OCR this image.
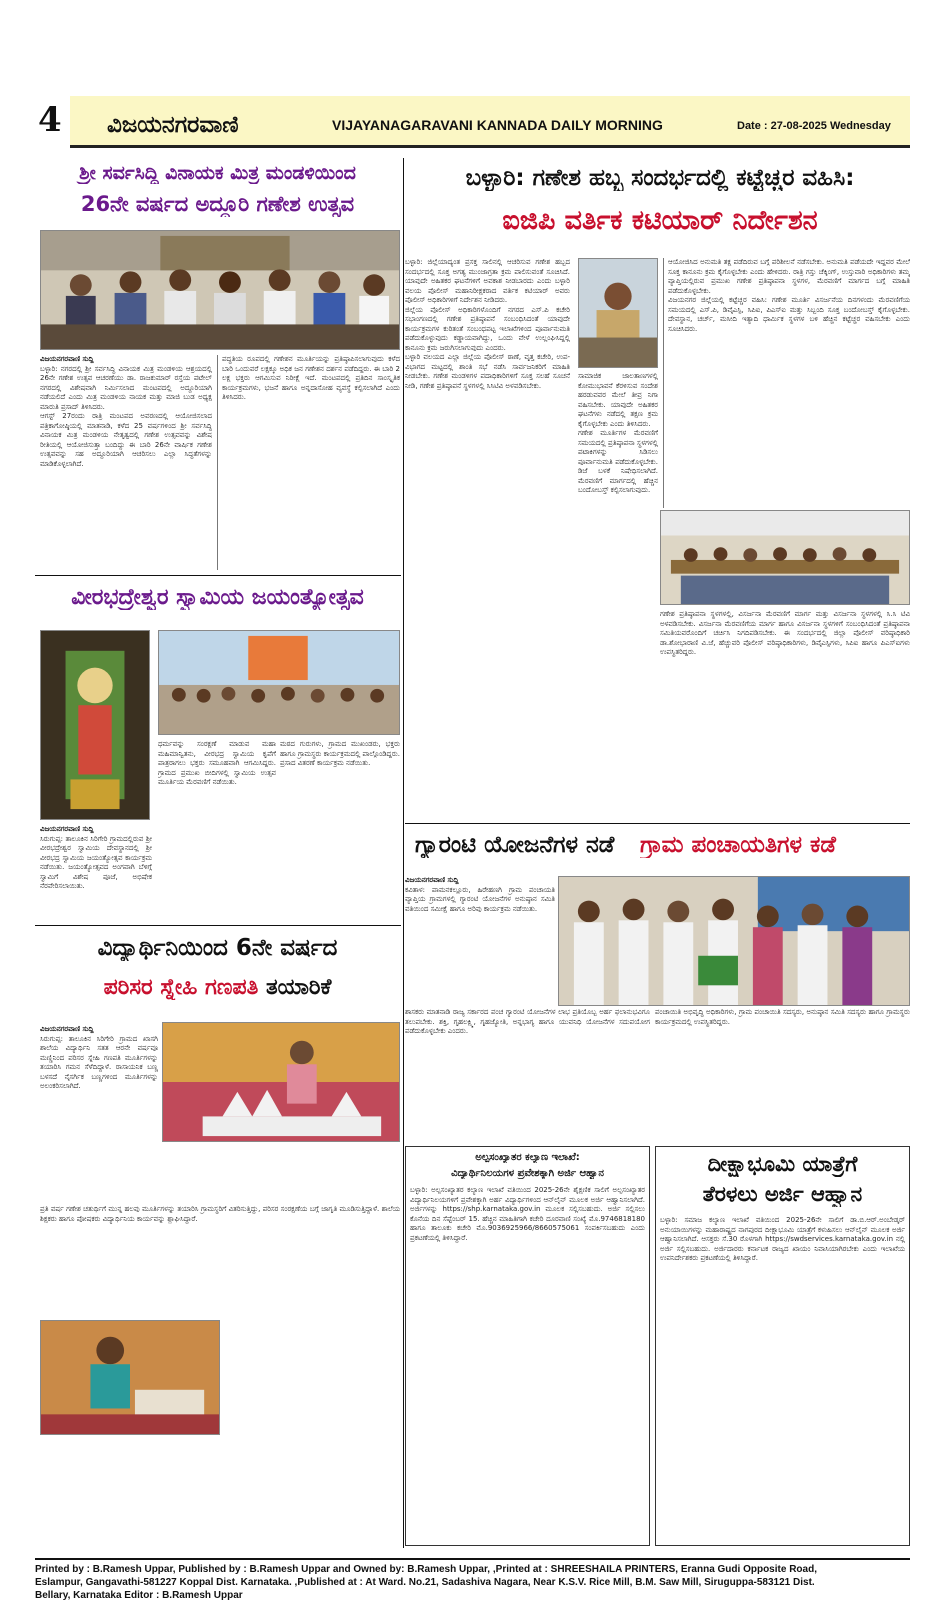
4 ವಿಜಯನಗರವಾಣಿ	VIJAYANAGARAVANI KANNADA DAILY MORNING	Date : 27-08-2025 Wednesday
ಶ್ರೀ ಸರ್ವಸಿದ್ಧಿ ವಿನಾಯಕ ಮಿತ್ರ ಮಂಡಳಿಯಿಂದ
26ನೇ ವರ್ಷದ ಅದ್ದೂರಿ ಗಣೇಶ ಉತ್ಸವ
ವಿಜಯನಗರವಾಣಿ ಸುದ್ದಿ
ಬಳ್ಳಾರಿ: ನಗರದಲ್ಲಿ ಶ್ರೀ ಸರ್ವಸಿದ್ಧಿ ವಿನಾಯಕ ಮಿತ್ರ ಮಂಡಳಿಯ ಆಶ್ರಯದಲ್ಲಿ 26ನೇ ಗಣೇಶ ಉತ್ಸವ ಆಚರಣೆಯು ಡಾ. ರಾಜಕುಮಾರ್ ರಸ್ತೆಯ ಪಟೇಲ್ ನಗರದಲ್ಲಿ ವಿಶೇಷವಾಗಿ ನಿರ್ಮಿಸಲಾದ ಮಂಟಪದಲ್ಲಿ ಅದ್ದೂರಿಯಾಗಿ ನಡೆಯಲಿದೆ ಎಂದು ಮಿತ್ರ ಮಂಡಳಿಯ ನಾಯಕ ಮತ್ತು ಮಾಜಿ ಬುಡ ಅಧ್ಯಕ್ಷ ಮಾರುತಿ ಪ್ರಸಾದ್ ತಿಳಿಸಿದರು.
ಆಗಸ್ಟ್ 27ರಂದು ರಾತ್ರಿ ಮಂಟಪದ ಅವರಣದಲ್ಲಿ ಆಯೋಜಿಸಲಾದ ಪತ್ರಿಕಾಗೋಷ್ಠಿಯಲ್ಲಿ ಮಾತನಾಡಿ, ಕಳೆದ 25 ವರ್ಷಗಳಿಂದ ಶ್ರೀ ಸರ್ವಸಿದ್ಧಿ ವಿನಾಯಕ ಮಿತ್ರ ಮಂಡಳಿಯ ನೇತೃತ್ವದಲ್ಲಿ ಗಣೇಶ ಉತ್ಸವವನ್ನು ವಿಶೇಷ ರೀತಿಯಲ್ಲಿ ಆಯೋಜಿಸುತ್ತಾ ಬಂದಿದ್ದು ಈ ಬಾರಿ 26ನೇ ವಾರ್ಷಿಕ ಗಣೇಶ ಉತ್ಸವವನ್ನು ಸಹ ಅದ್ದೂರಿಯಾಗಿ ಆಚರಿಸಲು ಎಲ್ಲಾ ಸಿದ್ಧತೆಗಳನ್ನು ಮಾಡಿಕೊಳ್ಳಲಾಗಿದೆ.
ಪದ್ಧತಿಯ ರೂಪದಲ್ಲಿ ಗಣೇಶನ ಮೂರ್ತಿಯನ್ನು ಪ್ರತಿಷ್ಠಾಪಿಸಲಾಗುವುದು ಕಳೆದ ಬಾರಿ ಒಂದುವರೆ ಲಕ್ಷಕ್ಕೂ ಅಧಿಕ ಜನ ಗಣೇಶನ ದರ್ಶನ ಪಡೆದಿದ್ದರು. ಈ ಬಾರಿ 2 ಲಕ್ಷ ಭಕ್ತರು ಆಗಮಿಸುವ ನಿರೀಕ್ಷೆ ಇದೆ. ಮಂಟಪದಲ್ಲಿ ಪ್ರತಿದಿನ ಸಾಂಸ್ಕೃತಿಕ ಕಾರ್ಯಕ್ರಮಗಳು, ಭಜನೆ ಹಾಗೂ ಅನ್ನದಾಸೋಹ ವ್ಯವಸ್ಥೆ ಕಲ್ಪಿಸಲಾಗಿದೆ ಎಂದು ತಿಳಿಸಿದರು.
ಬಳ್ಳಾರಿ: ಗಣೇಶ ಹಬ್ಬ ಸಂದರ್ಭದಲ್ಲಿ ಕಟ್ಟೆಚ್ಚರ ವಹಿಸಿ:
ಐಜಿಪಿ ವರ್ತಿಕ ಕಟಿಯಾರ್ ನಿರ್ದೇಶನ
ಬಳ್ಳಾರಿ: ಜಿಲ್ಲೆಯಾದ್ಯಂತ ಪ್ರಸಕ್ತ ಸಾಲಿನಲ್ಲಿ ಆಚರಿಸುವ ಗಣೇಶ ಹಬ್ಬದ ಸಂದರ್ಭದಲ್ಲಿ ಸೂಕ್ತ ಅಗತ್ಯ ಮುಂಜಾಗ್ರತಾ ಕ್ರಮ ಪಾಲಿಸುವಂತೆ ಸೂಚಿಸಿದೆ. ಯಾವುದೇ ಅಹಿತಕರ ಘಟನೆಗಳಿಗೆ ಅವಕಾಶ ನೀಡಬಾರದು ಎಂದು ಬಳ್ಳಾರಿ ವಲಯ ಪೊಲೀಸ್ ಮಹಾನಿರೀಕ್ಷಕರಾದ ವರ್ತಿಕ ಕಟಿಯಾರ್ ಅವರು ಪೊಲೀಸ್ ಅಧಿಕಾರಿಗಳಿಗೆ ನಿರ್ದೇಶನ ನೀಡಿದರು.
ಜಿಲ್ಲೆಯ ಪೊಲೀಸ್ ಅಧಿಕಾರಿಗಳೊಂದಿಗೆ ನಗರದ ಎಸ್.ಪಿ ಕಚೇರಿ ಸಭಾಂಗಣದಲ್ಲಿ ಗಣೇಶ ಪ್ರತಿಷ್ಠಾಪನೆ ಸಂಬಂಧಿಸಿದಂತೆ ಯಾವುದೇ ಕಾರ್ಯಕ್ರಮಗಳ ಕುರಿತಂತೆ ಸಂಬಂಧಪಟ್ಟ ಇಲಾಖೆಗಳಿಂದ ಪೂರ್ವಾನುಮತಿ ಪಡೆದುಕೊಳ್ಳುವುದು ಕಡ್ಡಾಯವಾಗಿದ್ದು, ಒಂದು ವೇಳೆ ಉಲ್ಲಂಘಿಸಿದ್ದಲ್ಲಿ ಕಾನೂನು ಕ್ರಮ ಜರುಗಿಸಲಾಗುವುದು ಎಂದರು.
ಬಳ್ಳಾರಿ ವಲಯದ ಎಲ್ಲಾ ಜಿಲ್ಲೆಯ ಪೊಲೀಸ್ ಠಾಣೆ, ವೃತ್ತ ಕಚೇರಿ, ಉಪ-ವಿಭಾಗದ ಮಟ್ಟದಲ್ಲಿ ಶಾಂತಿ ಸಭೆ ನಡೆಸಿ ಸಾರ್ವಜನಿಕರಿಗೆ ಮಾಹಿತಿ ನೀಡಬೇಕು. ಗಣೇಶ ಮಂಡಳಿಗಳ ಪದಾಧಿಕಾರಿಗಳಿಗೆ ಸೂಕ್ತ ಸಲಹೆ ಸೂಚನೆ ನೀಡಿ, ಗಣೇಶ ಪ್ರತಿಷ್ಠಾಪನೆ ಸ್ಥಳಗಳಲ್ಲಿ ಸಿಸಿಟಿವಿ ಅಳವಡಿಸಬೇಕು.
ಸಾಮಾಜಿಕ ಜಾಲತಾಣಗಳಲ್ಲಿ ಕೋಮುಭಾವನೆ ಕೆರಳಿಸುವ ಸಂದೇಶ ಹರಡುವವರ ಮೇಲೆ ತೀವ್ರ ನಿಗಾ ವಹಿಸಬೇಕು. ಯಾವುದೇ ಅಹಿತಕರ ಘಟನೆಗಳು ನಡೆದಲ್ಲಿ ತಕ್ಷಣ ಕ್ರಮ ಕೈಗೊಳ್ಳಬೇಕು ಎಂದು ತಿಳಿಸಿದರು.
ಗಣೇಶ ಮೂರ್ತಿಗಳ ಮೆರವಣಿಗೆ ಸಮಯದಲ್ಲಿ ಪ್ರತಿಷ್ಠಾಪನಾ ಸ್ಥಳಗಳಲ್ಲಿ ಪಟಾಕಿಗಳನ್ನು ಸಿಡಿಸಲು ಪೂರ್ವಾನುಮತಿ ಪಡೆದುಕೊಳ್ಳಬೇಕು. ಡಿಜೆ ಬಳಕೆ ನಿಷೇಧಿಸಲಾಗಿದೆ. ಮೆರವಣಿಗೆ ಮಾರ್ಗದಲ್ಲಿ ಹೆಚ್ಚಿನ ಬಂದೋಬಸ್ತ್ ಕಲ್ಪಿಸಲಾಗುವುದು.
ಆಯೋಜಿಸಿದ ಅನುಮತಿ ತಕ್ಷ ಪಡೆದಿರುವ ಬಗ್ಗೆ ಪರಿಶೀಲನೆ ನಡೆಸಬೇಕು. ಅನುಮತಿ ಪಡೆಯದೇ ಇದ್ದವರ ಮೇಲೆ ಸೂಕ್ತ ಕಾನೂನು ಕ್ರಮ ಕೈಗೊಳ್ಳಬೇಕು ಎಂದು ಹೇಳಿದರು. ರಾತ್ರಿ ಗಸ್ತು ಚೆಕ್ಕಿಂಗ್, ಉಸ್ತುವಾರಿ ಅಧಿಕಾರಿಗಳು ತಮ್ಮ ವ್ಯಾಪ್ತಿಯಲ್ಲಿರುವ ಪ್ರಮುಖ ಗಣೇಶ ಪ್ರತಿಷ್ಠಾಪನಾ ಸ್ಥಳಗಳ, ಮೆರವಣಿಗೆ ಮಾರ್ಗದ ಬಗ್ಗೆ ಮಾಹಿತಿ ಪಡೆದುಕೊಳ್ಳಬೇಕು.
ವಿಜಯನಗರ ಜಿಲ್ಲೆಯಲ್ಲಿ ಕಟ್ಟೆಚ್ಚರ ವಹಿಸಿ: ಗಣೇಶ ಮೂರ್ತಿ ವಿಸರ್ಜನೆಯ ದಿನಗಳಂದು ಮೆರವಣಿಗೆಯ ಸಮಯದಲ್ಲಿ ಎಸ್.ಪಿ, ಡಿವೈಎಸ್ಪಿ, ಸಿಪಿಐ, ಪಿಎಸ್ಐ ಮತ್ತು ಸಿಬ್ಬಂದಿ ಸೂಕ್ತ ಬಂದೋಬಸ್ತ್ ಕೈಗೊಳ್ಳಬೇಕು. ದೇವಸ್ಥಾನ, ಚರ್ಚ್, ಮಸೀದಿ ಇತ್ಯಾದಿ ಧಾರ್ಮಿಕ ಸ್ಥಳಗಳ ಬಳಿ ಹೆಚ್ಚಿನ ಕಟ್ಟೆಚ್ಚರ ವಹಿಸಬೇಕು ಎಂದು ಸೂಚಿಸಿದರು.
ಗಣೇಶ ಪ್ರತಿಷ್ಠಾಪನಾ ಸ್ಥಳಗಳಲ್ಲಿ, ವಿಸರ್ಜನಾ ಮೆರವಣಿಗೆ ಮಾರ್ಗ ಮತ್ತು ವಿಸರ್ಜನಾ ಸ್ಥಳಗಳಲ್ಲಿ ಸಿ.ಸಿ ಟಿವಿ ಅಳವಡಿಸಬೇಕು. ವಿಸರ್ಜನಾ ಮೆರವಣಿಗೆಯ ಮಾರ್ಗ ಹಾಗೂ ವಿಸರ್ಜನಾ ಸ್ಥಳಗಳಿಗೆ ಸಂಬಂಧಿಸಿದಂತೆ ಪ್ರತಿಷ್ಠಾಪನಾ ಸಮಿತಿಯವರೊಂದಿಗೆ ಚರ್ಚಿಸಿ ನಿಗದಿಪಡಿಸಬೇಕು. ಈ ಸಂದರ್ಭದಲ್ಲಿ ಜಿಲ್ಲಾ ಪೊಲೀಸ್ ವರಿಷ್ಠಾಧಿಕಾರಿ ಡಾ.ಶೋಭಾರಾಣಿ ವಿ.ಜೆ, ಹೆಚ್ಚುವರಿ ಪೊಲೀಸ್ ವರಿಷ್ಠಾಧಿಕಾರಿಗಳು, ಡಿವೈಎಸ್ಪಿಗಳು, ಸಿಪಿಐ ಹಾಗೂ ಪಿಎಸ್ಐಗಳು ಉಪಸ್ಥಿತರಿದ್ದರು.
ವೀರಭದ್ರೇಶ್ವರ ಸ್ವಾಮಿಯ ಜಯಂತ್ಯೋತ್ಸವ
ಧರ್ಮವನ್ನು ಸಂರಕ್ಷಣೆ ಮಾಡುವ ಮಹಾ ಮಹಿಮಾನ್ವಿತನು, ವೀರಭದ್ರ ಸ್ವಾಮಿಯ ಕೃಪೆಗೆ ಪಾತ್ರರಾಗಲು ಭಕ್ತರು ಸಮೂಹವಾಗಿ ಆಗಮಿಸಿದ್ದರು. ಗ್ರಾಮದ ಪ್ರಮುಖ ಬೀದಿಗಳಲ್ಲಿ ಸ್ವಾಮಿಯ ಉತ್ಸವ ಮೂರ್ತಿಯ ಮೆರವಣಿಗೆ ನಡೆಯಿತು.
ಮಠದ ಗುರುಗಳು, ಗ್ರಾಮದ ಮುಖಂಡರು, ಭಕ್ತರು ಹಾಗೂ ಗ್ರಾಮಸ್ಥರು ಕಾರ್ಯಕ್ರಮದಲ್ಲಿ ಪಾಲ್ಗೊಂಡಿದ್ದರು. ಪ್ರಸಾದ ವಿತರಣೆ ಕಾರ್ಯಕ್ರಮ ನಡೆಯಿತು.
ವಿಜಯನಗರವಾಣಿ ಸುದ್ದಿ
ಸಿರುಗುಪ್ಪ: ತಾಲೂಕಿನ ಸಿರಿಗೇರಿ ಗ್ರಾಮದಲ್ಲಿರುವ ಶ್ರೀ ವೀರಭದ್ರೇಶ್ವರ ಸ್ವಾಮಿಯ ದೇವಸ್ಥಾನದಲ್ಲಿ ಶ್ರೀ ವೀರಭದ್ರ ಸ್ವಾಮಿಯ ಜಯಂತ್ಯೋತ್ಸವ ಕಾರ್ಯಕ್ರಮ ನಡೆಯಿತು. ಜಯಂತ್ಯೋತ್ಸವದ ಅಂಗವಾಗಿ ಬೆಳಿಗ್ಗೆ ಸ್ವಾಮಿಗೆ ವಿಶೇಷ ಪೂಜೆ, ಅಭಿಷೇಕ ನೆರವೇರಿಸಲಾಯಿತು.
ಗ್ಯಾರಂಟಿ ಯೋಜನೆಗಳ ನಡೆ	ಗ್ರಾಮ ಪಂಚಾಯತಿಗಳ ಕಡೆ
ವಿಜಯನಗರವಾಣಿ ಸುದ್ದಿ
ಕವಿತಾಳ: ಪಾಮನಕಲ್ಲೂರು, ಹಿರೇಹಣಗಿ ಗ್ರಾಮ ಪಂಚಾಯತಿ ವ್ಯಾಪ್ತಿಯ ಗ್ರಾಮಗಳಲ್ಲಿ ಗ್ಯಾರಂಟಿ ಯೋಜನೆಗಳ ಅನುಷ್ಠಾನ ಸಮಿತಿ ವತಿಯಿಂದ ಸಮೀಕ್ಷೆ ಹಾಗೂ ಅರಿವು ಕಾರ್ಯಕ್ರಮ ನಡೆಯಿತು.
ಶಾಸಕರು ಮಾತನಾಡಿ ರಾಜ್ಯ ಸರ್ಕಾರದ ಪಂಚ ಗ್ಯಾರಂಟಿ ಯೋಜನೆಗಳ ಲಾಭ ಪ್ರತಿಯೊಬ್ಬ ಅರ್ಹ ಫಲಾನುಭವಿಗೂ ತಲುಪಬೇಕು. ಶಕ್ತಿ, ಗೃಹಲಕ್ಷ್ಮಿ, ಗೃಹಜ್ಯೋತಿ, ಅನ್ನಭಾಗ್ಯ ಹಾಗೂ ಯುವನಿಧಿ ಯೋಜನೆಗಳ ಸದುಪಯೋಗ ಪಡೆದುಕೊಳ್ಳಬೇಕು ಎಂದರು.
ಪಂಚಾಯಿತಿ ಅಭಿವೃದ್ಧಿ ಅಧಿಕಾರಿಗಳು, ಗ್ರಾಮ ಪಂಚಾಯಿತಿ ಸದಸ್ಯರು, ಅನುಷ್ಠಾನ ಸಮಿತಿ ಸದಸ್ಯರು ಹಾಗೂ ಗ್ರಾಮಸ್ಥರು ಕಾರ್ಯಕ್ರಮದಲ್ಲಿ ಉಪಸ್ಥಿತರಿದ್ದರು.
ವಿದ್ಯಾರ್ಥಿನಿಯಿಂದ 6ನೇ ವರ್ಷದ
ಪರಿಸರ ಸ್ನೇಹಿ ಗಣಪತಿ ತಯಾರಿಕೆ
ವಿಜಯನಗರವಾಣಿ ಸುದ್ದಿ
ಸಿರುಗುಪ್ಪ: ತಾಲೂಕಿನ ಸಿರಿಗೇರಿ ಗ್ರಾಮದ ಖಾಸಗಿ ಶಾಲೆಯ ವಿದ್ಯಾರ್ಥಿನಿ ಸತತ ಆರನೇ ವರ್ಷವೂ ಮಣ್ಣಿನಿಂದ ಪರಿಸರ ಸ್ನೇಹಿ ಗಣಪತಿ ಮೂರ್ತಿಗಳನ್ನು ತಯಾರಿಸಿ ಗಮನ ಸೆಳೆದಿದ್ದಾಳೆ. ರಾಸಾಯನಿಕ ಬಣ್ಣ ಬಳಸದೆ ನೈಸರ್ಗಿಕ ಬಣ್ಣಗಳಿಂದ ಮೂರ್ತಿಗಳನ್ನು ಅಲಂಕರಿಸಲಾಗಿದೆ.
ಪ್ರತಿ ವರ್ಷ ಗಣೇಶ ಚತುರ್ಥಿಗೆ ಮುನ್ನ ಹಲವು ಮೂರ್ತಿಗಳನ್ನು ತಯಾರಿಸಿ ಗ್ರಾಮಸ್ಥರಿಗೆ ವಿತರಿಸುತ್ತಿದ್ದು, ಪರಿಸರ ಸಂರಕ್ಷಣೆಯ ಬಗ್ಗೆ ಜಾಗೃತಿ ಮೂಡಿಸುತ್ತಿದ್ದಾಳೆ. ಶಾಲೆಯ ಶಿಕ್ಷಕರು ಹಾಗೂ ಪೋಷಕರು ವಿದ್ಯಾರ್ಥಿನಿಯ ಕಾರ್ಯವನ್ನು ಶ್ಲಾಘಿಸಿದ್ದಾರೆ.
ಅಲ್ಪಸಂಖ್ಯಾತರ ಕಲ್ಯಾಣ ಇಲಾಖೆ:
ವಿದ್ಯಾರ್ಥಿನಿಲಯಗಳ ಪ್ರವೇಶಕ್ಕಾಗಿ ಅರ್ಜಿ ಆಹ್ವಾನ
ಬಳ್ಳಾರಿ: ಅಲ್ಪಸಂಖ್ಯಾತರ ಕಲ್ಯಾಣ ಇಲಾಖೆ ವತಿಯಿಂದ 2025-26ನೇ ಶೈಕ್ಷಣಿಕ ಸಾಲಿಗೆ ಅಲ್ಪಸಂಖ್ಯಾತರ ವಿದ್ಯಾರ್ಥಿನಿಲಯಗಳಿಗೆ ಪ್ರವೇಶಕ್ಕಾಗಿ ಅರ್ಹ ವಿದ್ಯಾರ್ಥಿಗಳಿಂದ ಆನ್‌ಲೈನ್ ಮೂಲಕ ಅರ್ಜಿ ಆಹ್ವಾನಿಸಲಾಗಿದೆ. ಅರ್ಜಿಗಳನ್ನು https://shp.karnataka.gov.in ಮೂಲಕ ಸಲ್ಲಿಸಬಹುದು. ಅರ್ಜಿ ಸಲ್ಲಿಸಲು ಕೊನೆಯ ದಿನ ಸೆಪ್ಟೆಂಬರ್ 15. ಹೆಚ್ಚಿನ ಮಾಹಿತಿಗಾಗಿ ಕಚೇರಿ ದೂರವಾಣಿ ಸಂಖ್ಯೆ ಮೊ.9746818180 ಹಾಗೂ ತಾಲೂಕು ಕಚೇರಿ ಮೊ.9036925966/8660575061 ಸಂಪರ್ಕಿಸಬಹುದು ಎಂದು ಪ್ರಕಟಣೆಯಲ್ಲಿ ತಿಳಿಸಿದ್ದಾರೆ.
ದೀಕ್ಷಾಭೂಮಿ ಯಾತ್ರೆಗೆ
ತೆರಳಲು ಅರ್ಜಿ ಆಹ್ವಾನ
ಬಳ್ಳಾರಿ: ಸಮಾಜ ಕಲ್ಯಾಣ ಇಲಾಖೆ ವತಿಯಿಂದ 2025-26ನೇ ಸಾಲಿಗೆ ಡಾ.ಬಿ.ಆರ್.ಅಂಬೇಡ್ಕರ್ ಅನುಯಾಯಿಗಳನ್ನು ಮಹಾರಾಷ್ಟ್ರದ ನಾಗಪುರದ ದೀಕ್ಷಾಭೂಮಿ ಯಾತ್ರೆಗೆ ಕಳುಹಿಸಲು ಆನ್‌ಲೈನ್ ಮೂಲಕ ಅರ್ಜಿ ಆಹ್ವಾನಿಸಲಾಗಿದೆ. ಆಸಕ್ತರು ಸೆ.30 ರೊಳಗಾಗಿ https://swdservices.karnataka.gov.in ನಲ್ಲಿ ಅರ್ಜಿ ಸಲ್ಲಿಸಬಹುದು. ಅರ್ಜಿದಾರರು ಕರ್ನಾಟಕ ರಾಜ್ಯದ ಖಾಯಂ ನಿವಾಸಿಯಾಗಿರಬೇಕು ಎಂದು ಇಲಾಖೆಯ ಉಪನಿರ್ದೇಶಕರು ಪ್ರಕಟಣೆಯಲ್ಲಿ ತಿಳಿಸಿದ್ದಾರೆ.
Printed by : B.Ramesh Uppar, Published by : B.Ramesh Uppar and Owned by: B.Ramesh Uppar, ,Printed at : SHREESHAILA PRINTERS, Eranna Gudi Opposite Road,
Eslampur, Gangavathi-581227 Koppal Dist. Karnataka. ,Published at : At Ward. No.21, Sadashiva Nagara, Near K.S.V. Rice Mill, B.M. Saw Mill, Siruguppa-583121 Dist.
Bellary, Karnataka Editor : B.Ramesh Uppar
